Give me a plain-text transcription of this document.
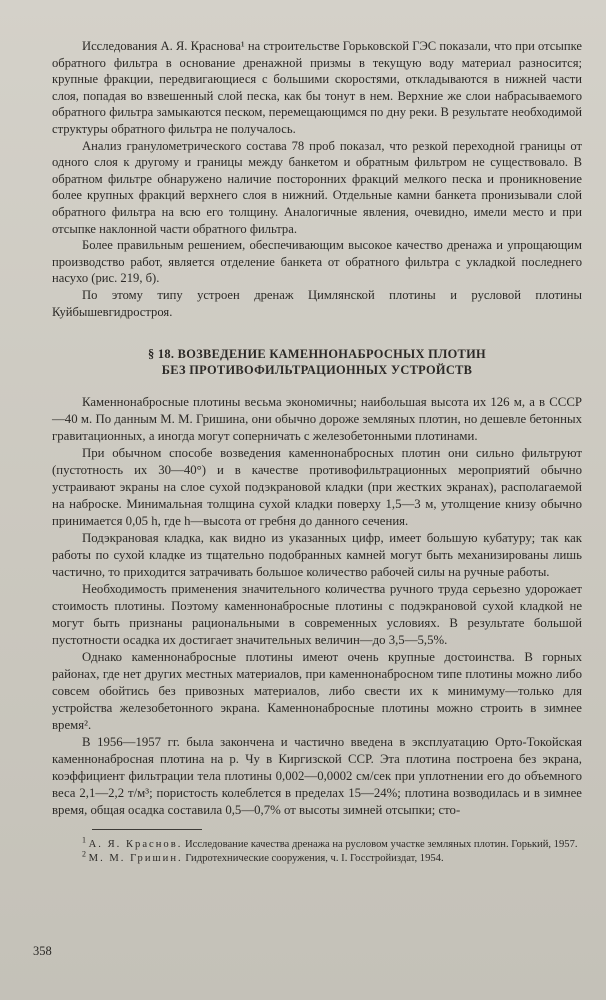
Исследования А. Я. Краснова¹ на строительстве Горьковской ГЭС показали, что при отсыпке обратного фильтра в основание дренажной призмы в текущую воду материал разносится; крупные фракции, передвигающиеся с большими скоростями, откладываются в нижней части слоя, попадая во взвешенный слой песка, как бы тонут в нем. Верхние же слои набрасываемого обратного фильтра замыкаются песком, перемещающимся по дну реки. В результате необходимой структуры обратного фильтра не получалось.

Анализ гранулометрического состава 78 проб показал, что резкой переходной границы от одного слоя к другому и границы между банкетом и обратным фильтром не существовало. В обратном фильтре обнаружено наличие посторонних фракций мелкого песка и проникновение более крупных фракций верхнего слоя в нижний. Отдельные камни банкета пронизывали слой обратного фильтра на всю его толщину. Аналогичные явления, очевидно, имели место и при отсыпке наклонной части обратного фильтра.

Более правильным решением, обеспечивающим высокое качество дренажа и упрощающим производство работ, является отделение банкета от обратного фильтра с укладкой последнего насухо (рис. 219, б).

По этому типу устроен дренаж Цимлянской плотины и русловой плотины Куйбышевгидростроя.

§ 18. ВОЗВЕДЕНИЕ КАМЕННОНАБРОСНЫХ ПЛОТИН
БЕЗ ПРОТИВОФИЛЬТРАЦИОННЫХ УСТРОЙСТВ

Каменнонабросные плотины весьма экономичны; наибольшая высота их 126 м, а в СССР—40 м. По данным М. М. Гришина, они обычно дороже земляных плотин, но дешевле бетонных гравитационных, а иногда могут соперничать с железобетонными плотинами.

При обычном способе возведения каменнонабросных плотин они сильно фильтруют (пустотность их 30—40°) и в качестве противофильтрационных мероприятий обычно устраивают экраны на слое сухой подэкрановой кладки (при жестких экранах), располагаемой на наброске. Минимальная толщина сухой кладки поверху 1,5—3 м, утолщение книзу обычно принимается 0,05 h, где h—высота от гребня до данного сечения.

Подэкрановая кладка, как видно из указанных цифр, имеет большую кубатуру; так как работы по сухой кладке из тщательно подобранных камней могут быть механизированы лишь частично, то приходится затрачивать большое количество рабочей силы на ручные работы.

Необходимость применения значительного количества ручного труда серьезно удорожает стоимость плотины. Поэтому каменнонабросные плотины с подэкрановой сухой кладкой не могут быть признаны рациональными в современных условиях. В результате большой пустотности осадка их достигает значительных величин—до 3,5—5,5%.

Однако каменнонабросные плотины имеют очень крупные достоинства. В горных районах, где нет других местных материалов, при каменнонабросном типе плотины можно либо совсем обойтись без привозных материалов, либо свести их к минимуму—только для устройства железобетонного экрана. Каменнонабросные плотины можно строить в зимнее время².

В 1956—1957 гг. была закончена и частично введена в эксплуатацию Орто-Токойская каменнонабросная плотина на р. Чу в Киргизской ССР. Эта плотина построена без экрана, коэффициент фильтрации тела плотины 0,002—0,0002 см/сек при уплотнении его до объемного веса 2,1—2,2 т/м³; пористость колеблется в пределах 15—24%; плотина возводилась и в зимнее время, общая осадка составила 0,5—0,7% от высоты зимней отсыпки; сто-

$^1$ А. Я. Краснов. Исследование качества дренажа на русловом участке земляных плотин. Горький, 1957.

$^2$ М. М. Гришин. Гидротехнические сооружения, ч. I. Госстройиздат, 1954.

358
